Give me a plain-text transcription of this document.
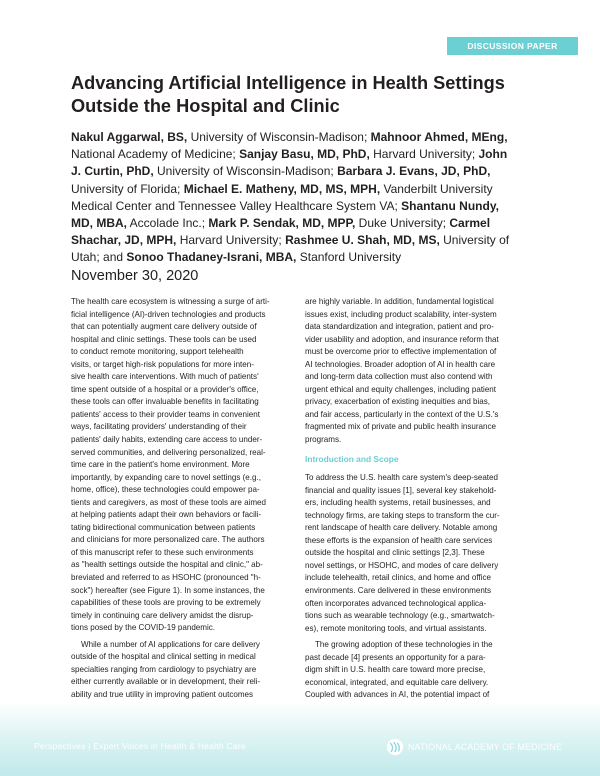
DISCUSSION PAPER
Advancing Artificial Intelligence in Health Settings
Outside the Hospital and Clinic
Nakul Aggarwal, BS, University of Wisconsin-Madison; Mahnoor Ahmed, MEng,
National Academy of Medicine; Sanjay Basu, MD, PhD, Harvard University; John
J. Curtin, PhD, University of Wisconsin-Madison; Barbara J. Evans, JD, PhD,
University of Florida; Michael E. Matheny, MD, MS, MPH, Vanderbilt University
Medical Center and Tennessee Valley Healthcare System VA; Shantanu Nundy,
MD, MBA, Accolade Inc.; Mark P. Sendak, MD, MPP, Duke University; Carmel
Shachar, JD, MPH, Harvard University; Rashmee U. Shah, MD, MS, University of
Utah; and Sonoo Thadaney-Israni, MBA, Stanford University
November 30, 2020
The health care ecosystem is witnessing a surge of arti-
ficial intelligence (AI)-driven technologies and products
that can potentially augment care delivery outside of
hospital and clinic settings. These tools can be used
to conduct remote monitoring, support telehealth
visits, or target high-risk populations for more inten-
sive health care interventions. With much of patients'
time spent outside of a hospital or a provider's office,
these tools can offer invaluable benefits in facilitating
patients' access to their provider teams in convenient
ways, facilitating providers' understanding of their
patients' daily habits, extending care access to under-
served communities, and delivering personalized, real-
time care in the patient's home environment. More
importantly, by expanding care to novel settings (e.g.,
home, office), these technologies could empower pa-
tients and caregivers, as most of these tools are aimed
at helping patients adapt their own behaviors or facili-
tating bidirectional communication between patients
and clinicians for more personalized care. The authors
of this manuscript refer to these such environments
as "health settings outside the hospital and clinic," ab-
breviated and referred to as HSOHC (pronounced "h-
sock") hereafter (see Figure 1). In some instances, the
capabilities of these tools are proving to be extremely
timely in continuing care delivery amidst the disrup-
tions posed by the COVID-19 pandemic.
While a number of AI applications for care delivery
outside of the hospital and clinical setting in medical
specialties ranging from cardiology to psychiatry are
either currently available or in development, their reli-
ability and true utility in improving patient outcomes
are highly variable. In addition, fundamental logistical
issues exist, including product scalability, inter-system
data standardization and integration, patient and pro-
vider usability and adoption, and insurance reform that
must be overcome prior to effective implementation of
AI technologies. Broader adoption of AI in health care
and long-term data collection must also contend with
urgent ethical and equity challenges, including patient
privacy, exacerbation of existing inequities and bias,
and fair access, particularly in the context of the U.S.'s
fragmented mix of private and public health insurance
programs.
Introduction and Scope
To address the U.S. health care system's deep-seated
financial and quality issues [1], several key stakehold-
ers, including health systems, retail businesses, and
technology firms, are taking steps to transform the cur-
rent landscape of health care delivery. Notable among
these efforts is the expansion of health care services
outside the hospital and clinic settings [2,3]. These
novel settings, or HSOHC, and modes of care delivery
include telehealth, retail clinics, and home and office
environments. Care delivered in these environments
often incorporates advanced technological applica-
tions such as wearable technology (e.g., smartwatch-
es), remote monitoring tools, and virtual assistants.
The growing adoption of these technologies in the
past decade [4] presents an opportunity for a para-
digm shift in U.S. health care toward more precise,
economical, integrated, and equitable care delivery.
Coupled with advances in AI, the potential impact of
Perspectives | Expert Voices in Health & Health Care	NATIONAL ACADEMY OF MEDICINE
